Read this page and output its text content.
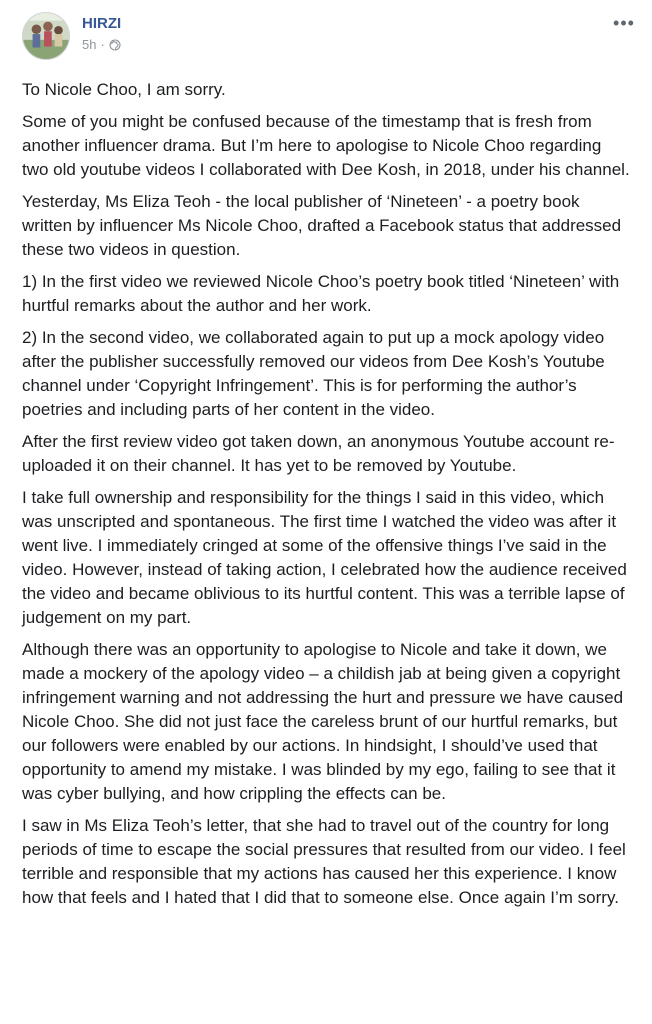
HIRZI
5h ·
•••

To Nicole Choo, I am sorry.

Some of you might be confused because of the timestamp that is fresh from another influencer drama. But I’m here to apologise to Nicole Choo regarding two old youtube videos I collaborated with Dee Kosh, in 2018, under his channel.

Yesterday, Ms Eliza Teoh - the local publisher of ‘Nineteen’ - a poetry book written by influencer Ms Nicole Choo, drafted a Facebook status that addressed these two videos in question.

1) In the first video we reviewed Nicole Choo’s poetry book titled ‘Nineteen’ with hurtful remarks about the author and her work.

2) In the second video, we collaborated again to put up a mock apology video after the publisher successfully removed our videos from Dee Kosh’s Youtube channel under ‘Copyright Infringement’. This is for performing the author’s poetries and including parts of her content in the video.

After the first review video got taken down, an anonymous Youtube account re-uploaded it on their channel. It has yet to be removed by Youtube.

I take full ownership and responsibility for the things I said in this video, which was unscripted and spontaneous. The first time I watched the video was after it went live. I immediately cringed at some of the offensive things I’ve said in the video. However, instead of taking action, I celebrated how the audience received the video and became oblivious to its hurtful content. This was a terrible lapse of judgement on my part.

Although there was an opportunity to apologise to Nicole and take it down, we made a mockery of the apology video – a childish jab at being given a copyright infringement warning and not addressing the hurt and pressure we have caused Nicole Choo. She did not just face the careless brunt of our hurtful remarks, but our followers were enabled by our actions. In hindsight, I should’ve used that opportunity to amend my mistake. I was blinded by my ego, failing to see that it was cyber bullying, and how crippling the effects can be.

I saw in Ms Eliza Teoh’s letter, that she had to travel out of the country for long periods of time to escape the social pressures that resulted from our video. I feel terrible and responsible that my actions has caused her this experience. I know how that feels and I hated that I did that to someone else. Once again I’m sorry.
